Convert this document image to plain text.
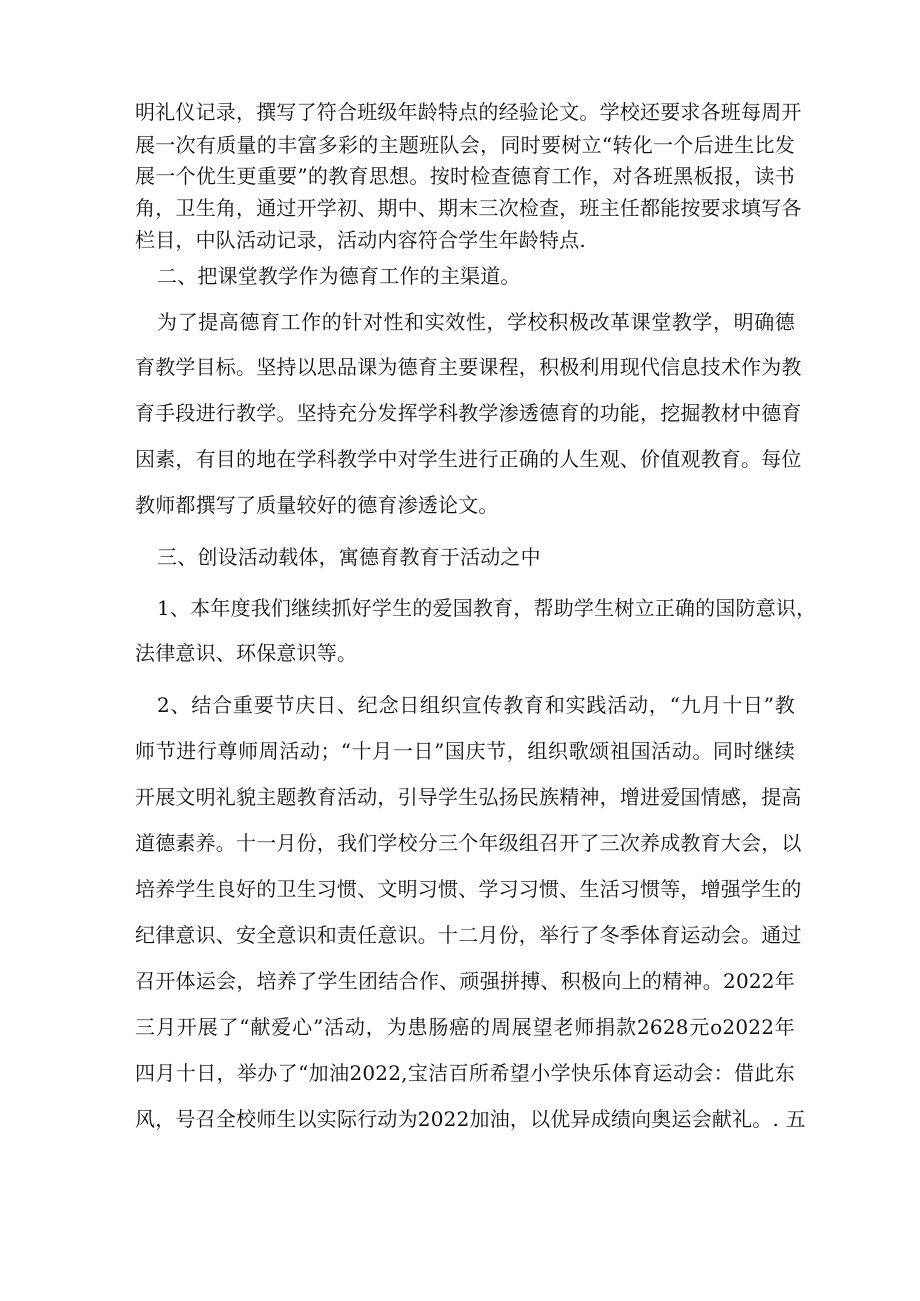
明礼仪记录，撰写了符合班级年龄特点的经验论文。学校还要求各班每周开
展一次有质量的丰富多彩的主题班队会，同时要树立“转化一个后进生比发
展一个优生更重要”的教育思想。按时检查德育工作，对各班黑板报，读书
角，卫生角，通过开学初、期中、期末三次检查，班主任都能按要求填写各
栏目，中队活动记录，活动内容符合学生年龄特点.
二、把课堂教学作为德育工作的主渠道。
为了提高德育工作的针对性和实效性，学校积极改革课堂教学，明确德
育教学目标。坚持以思品课为德育主要课程，积极利用现代信息技术作为教
育手段进行教学。坚持充分发挥学科教学渗透德育的功能，挖掘教材中德育
因素，有目的地在学科教学中对学生进行正确的人生观、价值观教育。每位
教师都撰写了质量较好的德育渗透论文。
三、创设活动载体，寓德育教育于活动之中
1、本年度我们继续抓好学生的爱国教育，帮助学生树立正确的国防意识，
法律意识、环保意识等。
2、结合重要节庆日、纪念日组织宣传教育和实践活动，“九月十日”教
师节进行尊师周活动；“十月一日”国庆节，组织歌颂祖国活动。同时继续
开展文明礼貌主题教育活动，引导学生弘扬民族精神，增进爱国情感，提高
道德素养。十一月份，我们学校分三个年级组召开了三次养成教育大会，以
培养学生良好的卫生习惯、文明习惯、学习习惯、生活习惯等，增强学生的
纪律意识、安全意识和责任意识。十二月份，举行了冬季体育运动会。通过
召开体运会，培养了学生团结合作、顽强拼搏、积极向上的精神。2022年
三月开展了“献爱心”活动，为患肠癌的周展望老师捐款2628元o2022年
四月十日，举办了“加油2022,宝洁百所希望小学快乐体育运动会：借此东
风，号召全校师生以实际行动为2022加油，以优异成绩向奥运会献礼。. 五
